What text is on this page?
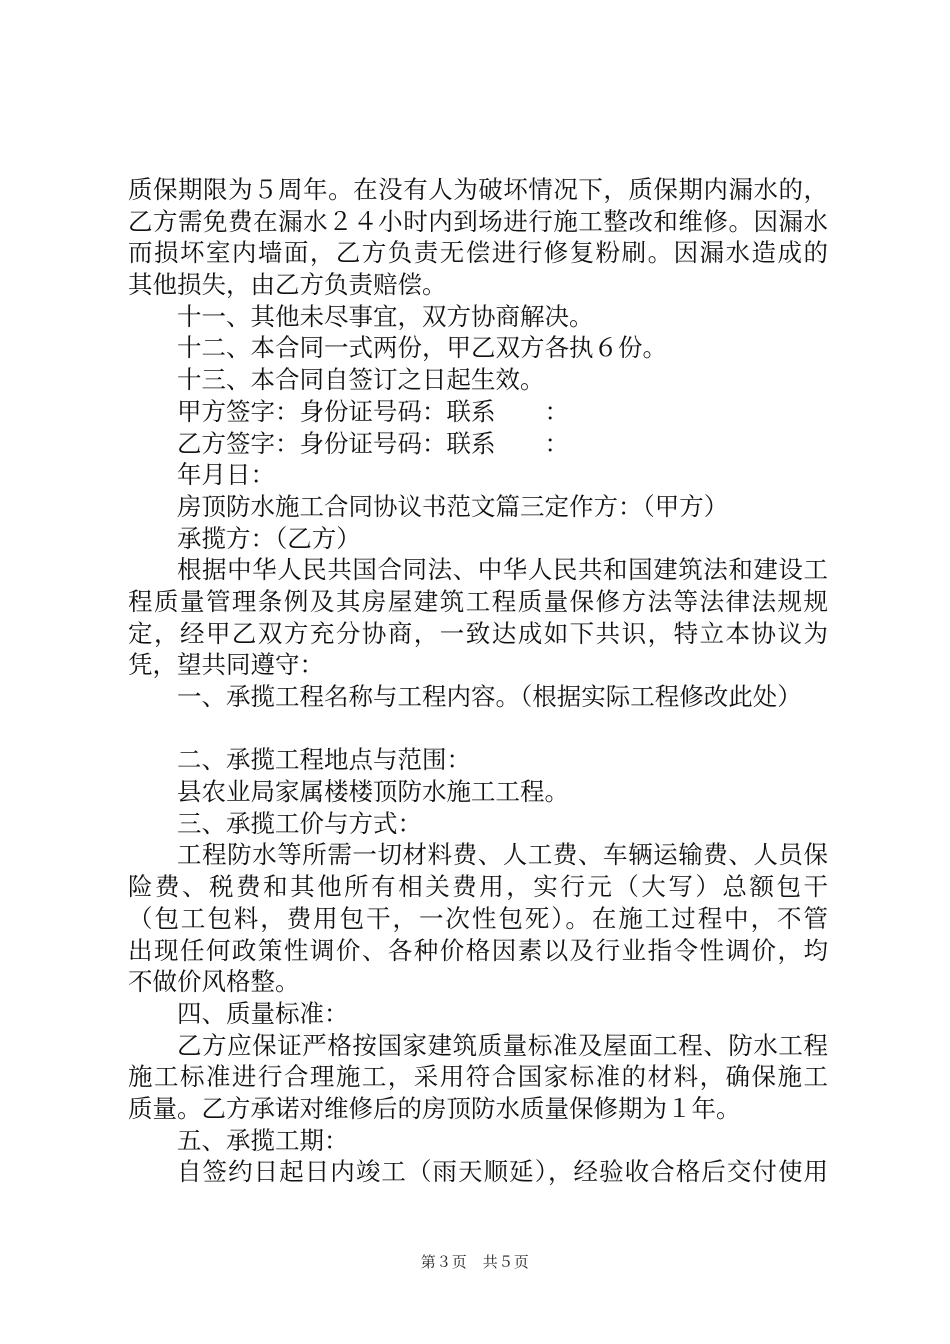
质保期限为５周年。在没有人为破坏情况下，质保期内漏水的，
乙方需免费在漏水２４小时内到场进行施工整改和维修。因漏水
而损坏室内墙面，乙方负责无偿进行修复粉刷。因漏水造成的
其他损失，由乙方负责赔偿。
十一、其他未尽事宜，双方协商解决。
十二、本合同一式两份，甲乙双方各执６份。
十三、本合同自签订之日起生效。
甲方签字：身份证号码：联系　　：
乙方签字：身份证号码：联系　　：
年月日：
房顶防水施工合同协议书范文篇三定作方：（甲方）
承揽方：（乙方）
根据中华人民共国合同法、中华人民共和国建筑法和建设工
程质量管理条例及其房屋建筑工程质量保修方法等法律法规规
定，经甲乙双方充分协商，一致达成如下共识，特立本协议为
凭，望共同遵守：
一、承揽工程名称与工程内容。（根据实际工程修改此处）
二、承揽工程地点与范围：
县农业局家属楼楼顶防水施工工程。
三、承揽工价与方式：
工程防水等所需一切材料费、人工费、车辆运输费、人员保
险费、税费和其他所有相关费用，实行元（大写）总额包干
（包工包料，费用包干，一次性包死）。在施工过程中，不管
出现任何政策性调价、各种价格因素以及行业指令性调价，均
不做价风格整。
四、质量标准：
乙方应保证严格按国家建筑质量标准及屋面工程、防水工程
施工标准进行合理施工，采用符合国家标准的材料，确保施工
质量。乙方承诺对维修后的房顶防水质量保修期为１年。
五、承揽工期：
自签约日起日内竣工（雨天顺延），经验收合格后交付使用
第３页　共５页
